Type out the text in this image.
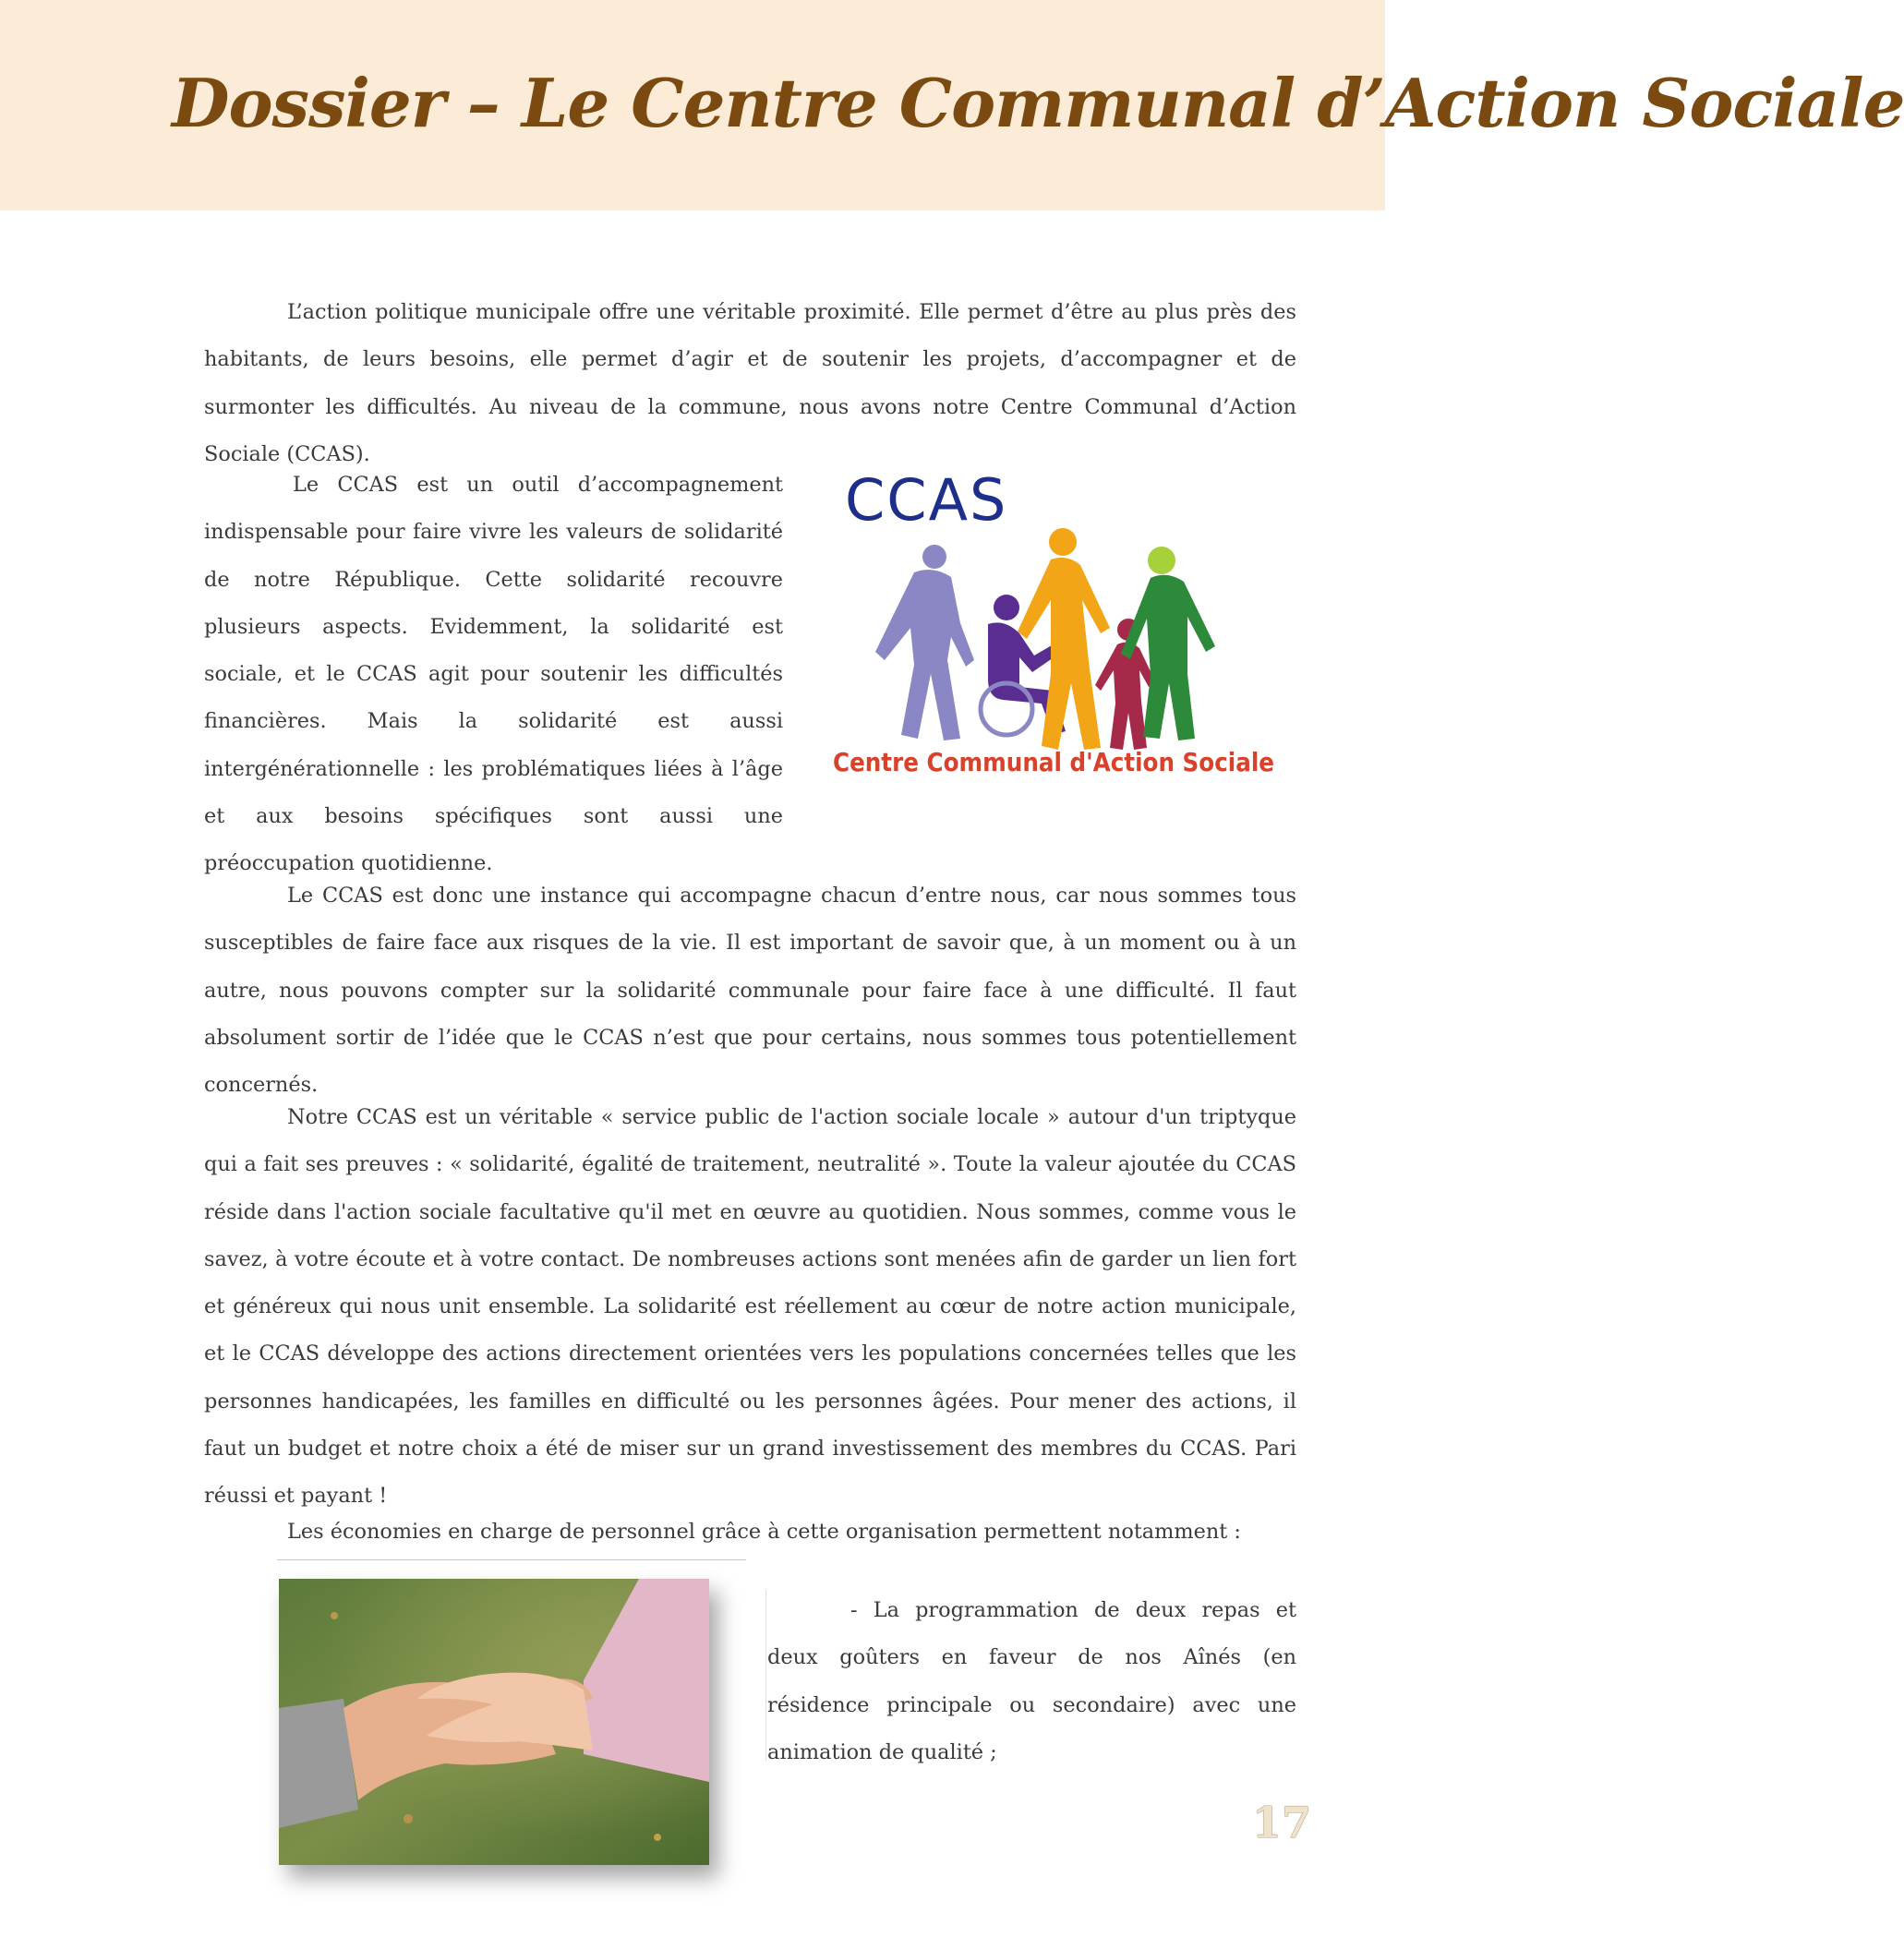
Dossier – Le Centre Communal d’Action Sociale

L’action politique municipale offre une véritable proximité. Elle permet d’être au plus près des habitants, de leurs besoins, elle permet d’agir et de soutenir les projets, d’accompagner et de surmonter les difficultés. Au niveau de la commune, nous avons notre Centre Communal d’Action Sociale (CCAS).

Le CCAS est un outil d’accompagnement indispensable pour faire vivre les valeurs de solidarité de notre République. Cette solidarité recouvre plusieurs aspects. Evidemment, la solidarité est sociale, et le CCAS agit pour soutenir les difficultés financières. Mais la solidarité est aussi intergénérationnelle : les problématiques liées à l’âge et aux besoins spécifiques sont aussi une préoccupation quotidienne.

CCAS
Centre Communal d'Action Sociale

Le CCAS est donc une instance qui accompagne chacun d’entre nous, car nous sommes tous susceptibles de faire face aux risques de la vie. Il est important de savoir que, à un moment ou à un autre, nous pouvons compter sur la solidarité communale pour faire face à une difficulté. Il faut absolument sortir de l’idée que le CCAS n’est que pour certains, nous sommes tous potentiellement concernés.

Notre CCAS est un véritable « service public de l'action sociale locale » autour d'un triptyque qui a fait ses preuves : « solidarité, égalité de traitement, neutralité ». Toute la valeur ajoutée du CCAS réside dans l'action sociale facultative qu'il met en œuvre au quotidien. Nous sommes, comme vous le savez, à votre écoute et à votre contact. De nombreuses actions sont menées afin de garder un lien fort et généreux qui nous unit ensemble. La solidarité est réellement au cœur de notre action municipale, et le CCAS développe des actions directement orientées vers les populations concernées telles que les personnes handicapées, les familles en difficulté ou les personnes âgées. Pour mener des actions, il faut un budget et notre choix a été de miser sur un grand investissement des membres du CCAS. Pari réussi et payant !

Les économies en charge de personnel grâce à cette organisation permettent notamment :

- La programmation de deux repas et deux goûters en faveur de nos Aînés (en résidence principale ou secondaire) avec une animation de qualité ;

17
